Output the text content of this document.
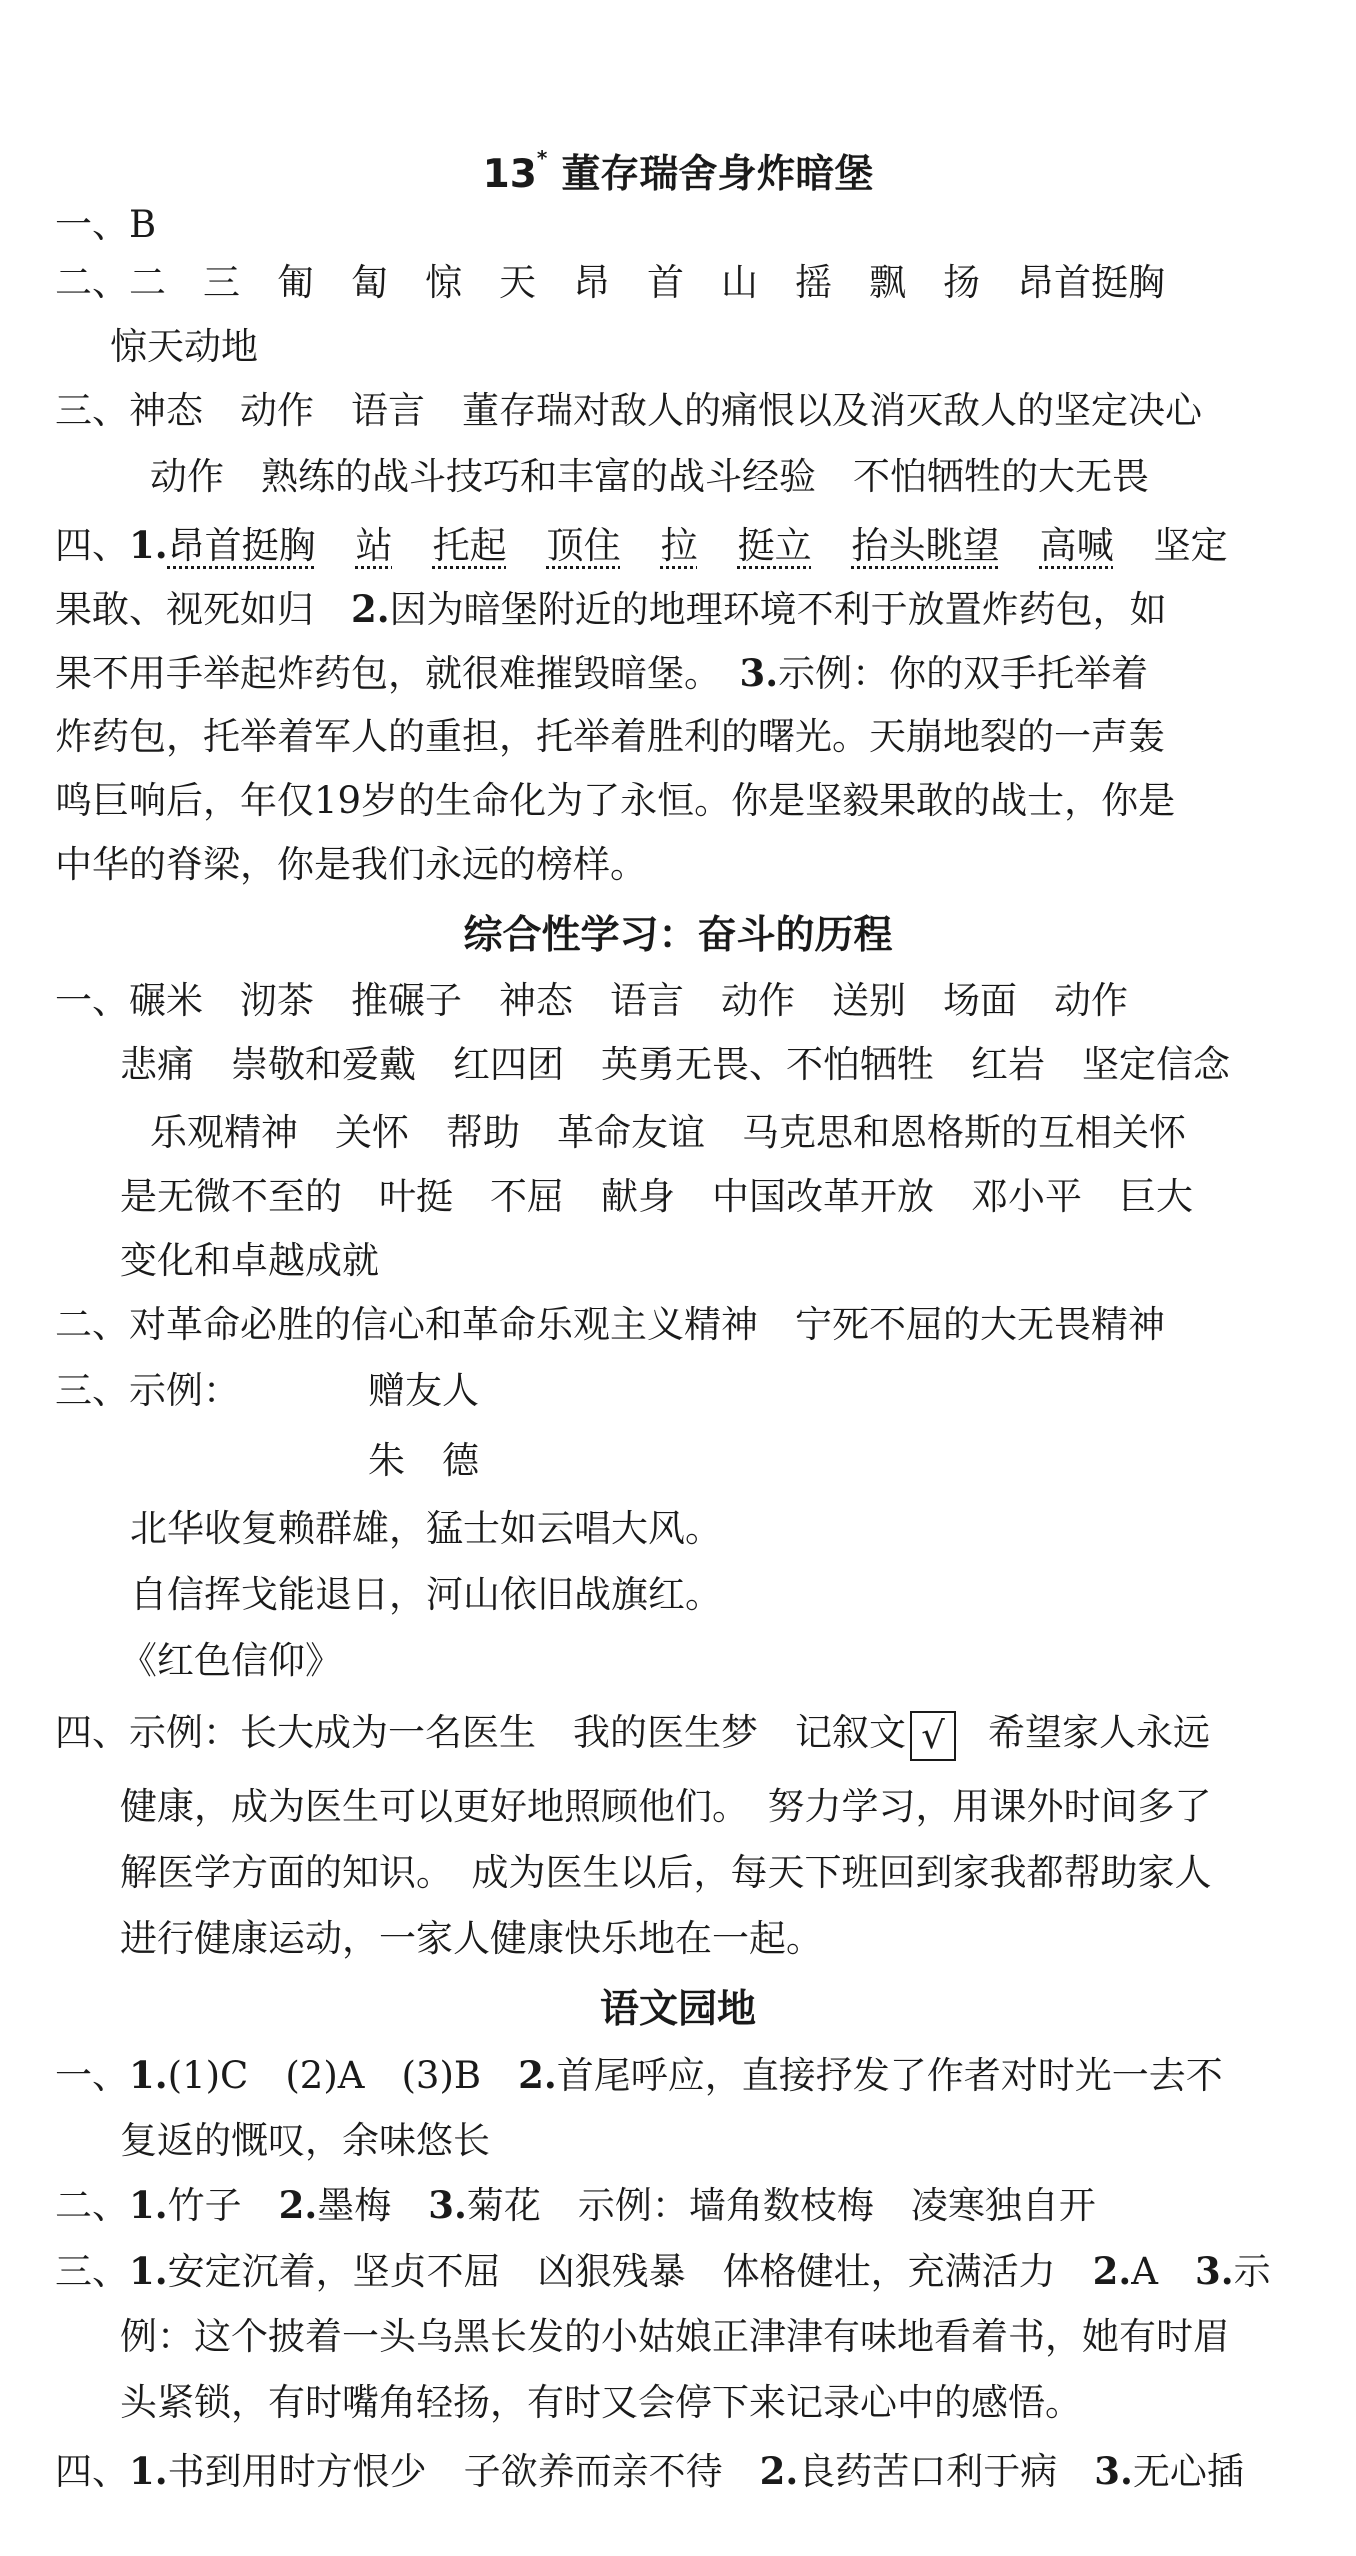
13* 董存瑞舍身炸暗堡
一、B
二、二　三　匍　匐　惊　天　昂　首　山　摇　飘　扬　昂首挺胸
惊天动地
三、神态　动作　语言　董存瑞对敌人的痛恨以及消灭敌人的坚定决心
动作　熟练的战斗技巧和丰富的战斗经验　不怕牺牲的大无畏
四、1.昂首挺胸 站 托起 顶住 拉 挺立 抬头眺望 高喊 坚定
果敢、视死如归　2.因为暗堡附近的地理环境不利于放置炸药包，如
果不用手举起炸药包，就很难摧毁暗堡。　3.示例：你的双手托举着
炸药包，托举着军人的重担，托举着胜利的曙光。天崩地裂的一声轰
鸣巨响后，年仅19岁的生命化为了永恒。你是坚毅果敢的战士，你是
中华的脊梁，你是我们永远的榜样。
综合性学习：奋斗的历程
一、碾米　沏茶　推碾子　神态　语言　动作　送别　场面　动作
悲痛　崇敬和爱戴　红四团　英勇无畏、不怕牺牲　红岩　坚定信念
乐观精神　关怀　帮助　革命友谊　马克思和恩格斯的互相关怀
是无微不至的　叶挺　不屈　献身　中国改革开放　邓小平　巨大
变化和卓越成就
二、对革命必胜的信心和革命乐观主义精神　宁死不屈的大无畏精神
三、示例：	赠友人
朱　德
北华收复赖群雄，猛士如云唱大风。
自信挥戈能退日，河山依旧战旗红。
《红色信仰》
四、示例：长大成为一名医生　我的医生梦　记叙文 √ 希望家人永远
健康，成为医生可以更好地照顾他们。　努力学习，用课外时间多了
解医学方面的知识。　成为医生以后，每天下班回到家我都帮助家人
进行健康运动，一家人健康快乐地在一起。
语文园地
一、1.(1)C　(2)A　(3)B　2.首尾呼应，直接抒发了作者对时光一去不
复返的慨叹，余味悠长
二、1.竹子　2.墨梅　3.菊花　示例：墙角数枝梅　凌寒独自开
三、1.安定沉着，坚贞不屈　凶狠残暴　体格健壮，充满活力　2.A　3.示
例：这个披着一头乌黑长发的小姑娘正津津有味地看着书，她有时眉
头紧锁，有时嘴角轻扬，有时又会停下来记录心中的感悟。
四、1.书到用时方恨少　子欲养而亲不待　2.良药苦口利于病　3.无心插
